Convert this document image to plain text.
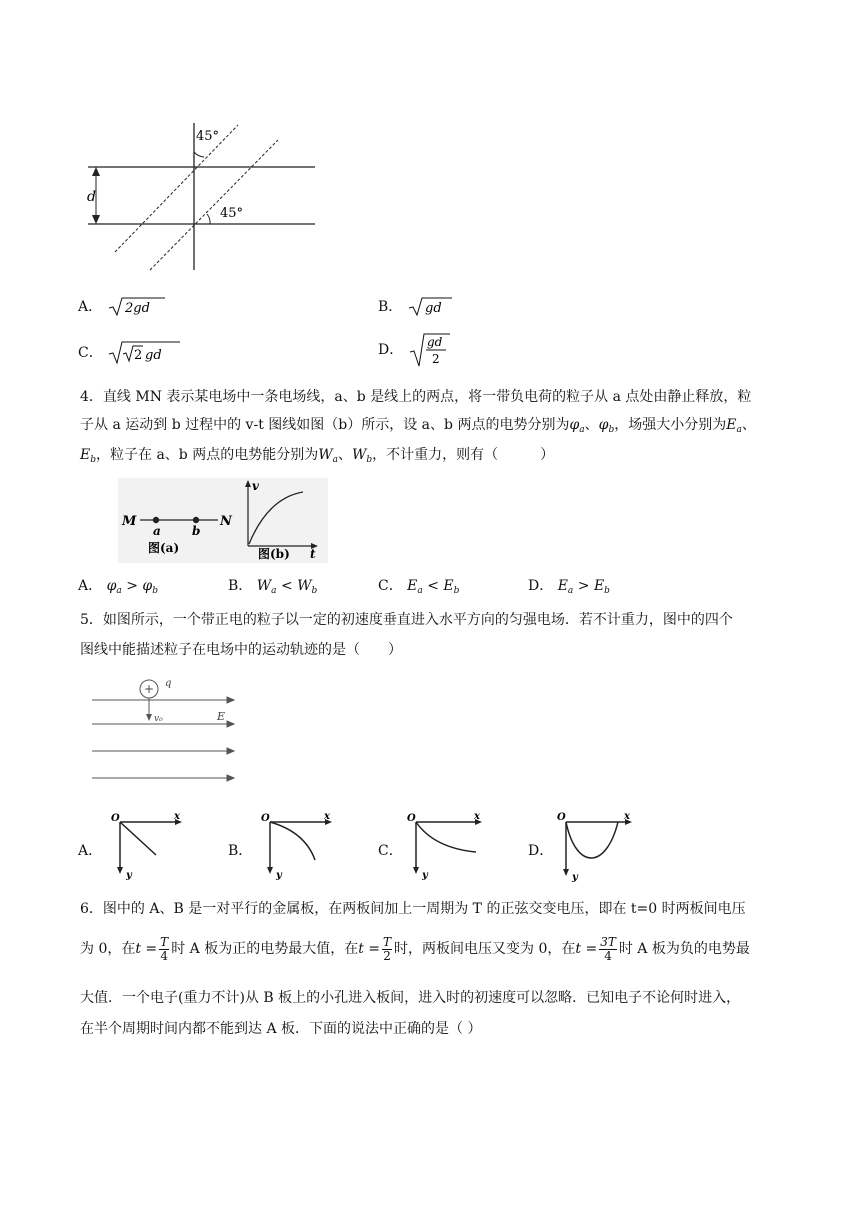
45°
45°
d
A． 2gd	B． gd
C． 2 gd	D． gd
2
4．直线 MN 表示某电场中一条电场线，a、b 是线上的两点，将一带负电荷的粒子从 a 点处由静止释放，粒
子从 a 运动到 b 过程中的 v-t 图线如图（b）所示，设 a、b 两点的电势分别为$\varphi_a$、$\varphi_b$，场强大小分别为$E_a$、
$E_b$，粒子在 a、b 两点的电势能分别为$W_a$、$W_b$，不计重力，则有（　　　）
M
a	b
N
图(a)
v
t
图(b)
A． $\varphi_a > \varphi_b$	B． $W_a < W_b$	C． $E_a < E_b$	D． $E_a > E_b$
5．如图所示，一个带正电的粒子以一定的初速度垂直进入水平方向的匀强电场．若不计重力，图中的四个
图线中能描述粒子在电场中的运动轨迹的是（　　）
+ q
E
v₀
A．
O	x
y
B．
O	x
y
C．
O	x
y
D．
O	x
y
6．图中的 A、B 是一对平行的金属板，在两板间加上一周期为 T 的正弦交变电压，即在 t=0 时两板间电压
为 0，在$t = \frac{T}{4}$ 时 A 板为正的电势最大值，在$t = \frac{T}{2}$ 时，两板间电压又变为 0，在$t = \frac{3T}{4}$ 时 A 板为负的电势最
大值．一个电子(重力不计)从 B 板上的小孔进入板间，进入时的初速度可以忽略．已知电子不论何时进入，
在半个周期时间内都不能到达 A 板．下面的说法中正确的是（ ）
